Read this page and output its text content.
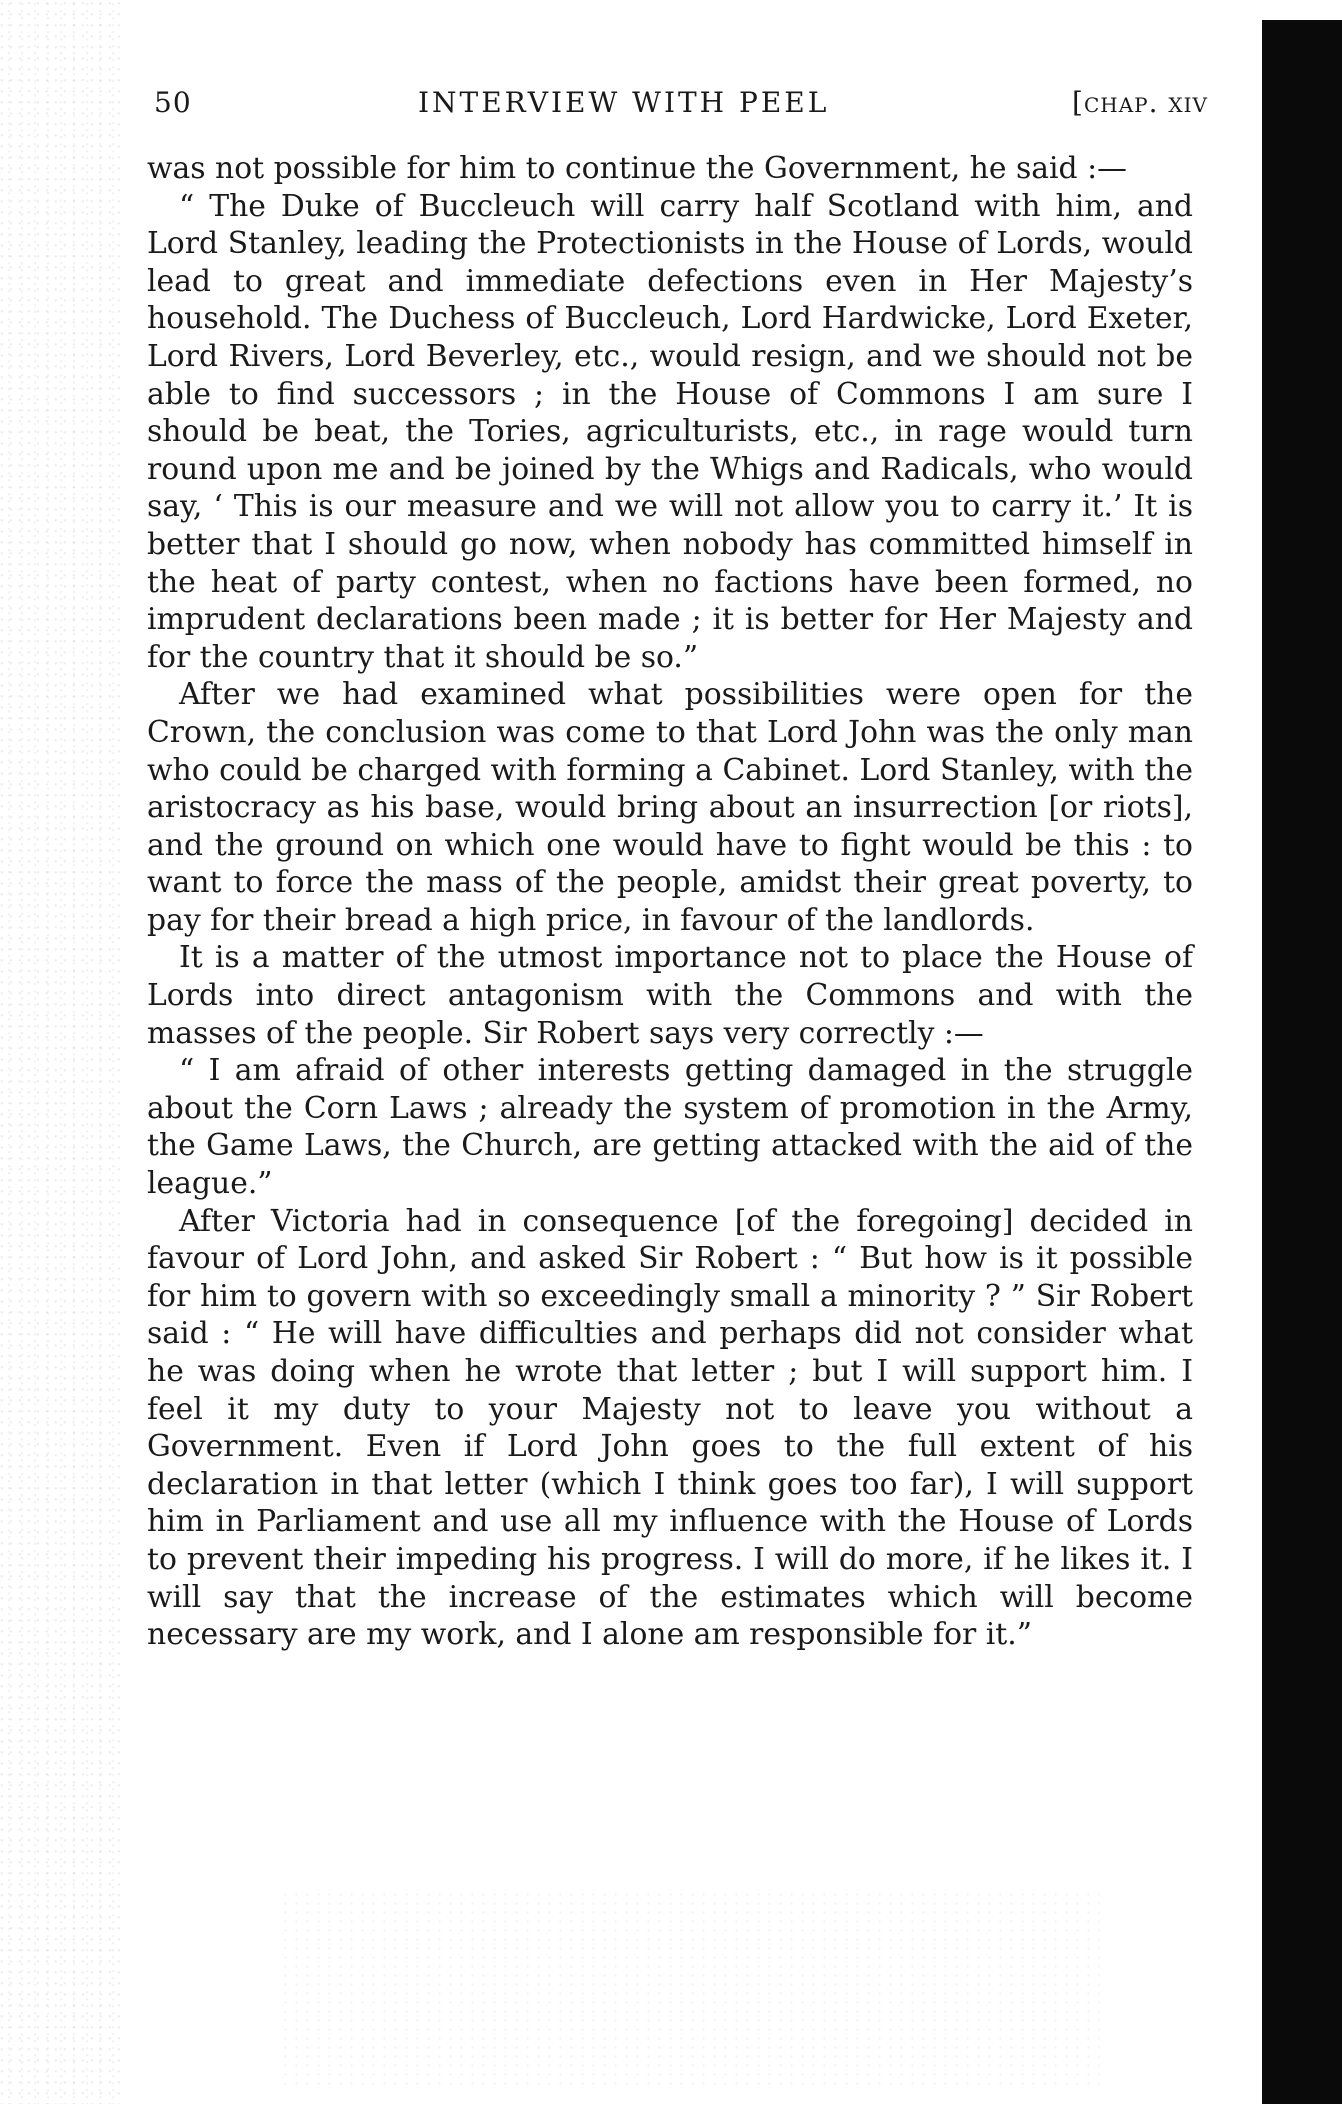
50	INTERVIEW WITH PEEL	[chap. xiv

was not possible for him to continue the Government, he said :—

“ The Duke of Buccleuch will carry half Scotland with him, and Lord Stanley, leading the Protectionists in the House of Lords, would lead to great and immediate defections even in Her Majesty’s household. The Duchess of Buccleuch, Lord Hardwicke, Lord Exeter, Lord Rivers, Lord Beverley, etc., would resign, and we should not be able to find successors ; in the House of Commons I am sure I should be beat, the Tories, agriculturists, etc., in rage would turn round upon me and be joined by the Whigs and Radicals, who would say, ‘ This is our measure and we will not allow you to carry it.’ It is better that I should go now, when nobody has committed himself in the heat of party contest, when no factions have been formed, no imprudent declarations been made ; it is better for Her Majesty and for the country that it should be so.”

After we had examined what possibilities were open for the Crown, the conclusion was come to that Lord John was the only man who could be charged with forming a Cabinet. Lord Stanley, with the aristocracy as his base, would bring about an insurrection [or riots], and the ground on which one would have to fight would be this : to want to force the mass of the people, amidst their great poverty, to pay for their bread a high price, in favour of the landlords.

It is a matter of the utmost importance not to place the House of Lords into direct antagonism with the Commons and with the masses of the people. Sir Robert says very correctly :—

“ I am afraid of other interests getting damaged in the struggle about the Corn Laws ; already the system of promotion in the Army, the Game Laws, the Church, are getting attacked with the aid of the league.”

After Victoria had in consequence [of the foregoing] decided in favour of Lord John, and asked Sir Robert : “ But how is it possible for him to govern with so exceedingly small a minority ? ” Sir Robert said : “ He will have difficulties and perhaps did not consider what he was doing when he wrote that letter ; but I will support him. I feel it my duty to your Majesty not to leave you without a Government. Even if Lord John goes to the full extent of his declaration in that letter (which I think goes too far), I will support him in Parliament and use all my influence with the House of Lords to prevent their impeding his progress. I will do more, if he likes it. I will say that the increase of the estimates which will become necessary are my work, and I alone am responsible for it.”
